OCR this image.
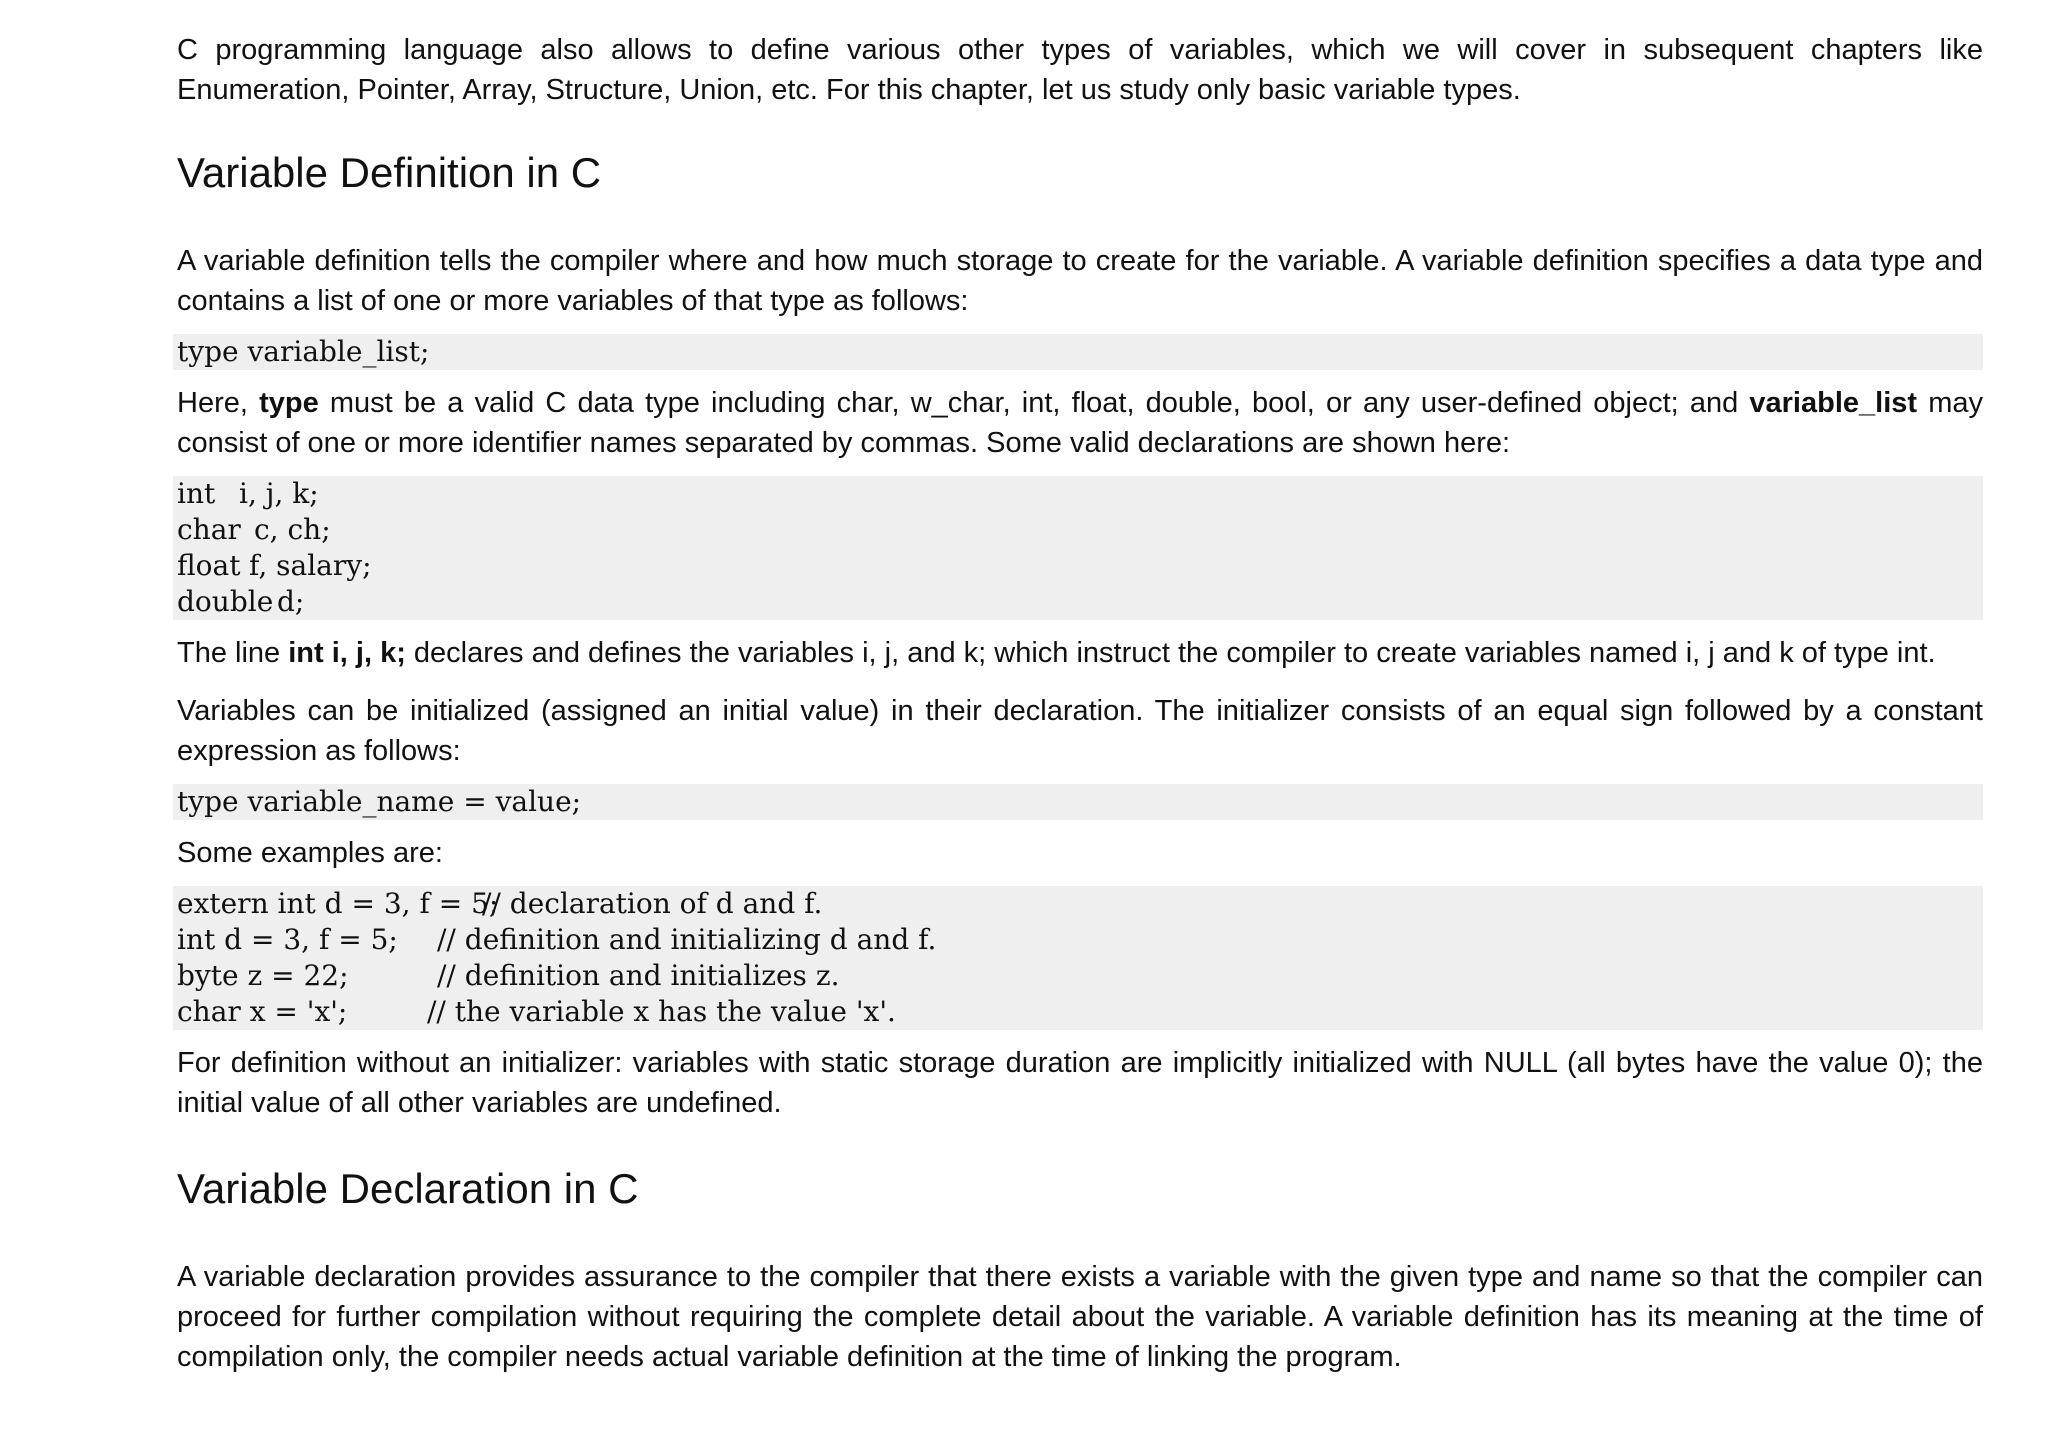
C programming language also allows to define various other types of variables, which we will cover in subsequent chapters like Enumeration, Pointer, Array, Structure, Union, etc. For this chapter, let us study only basic variable types.

Variable Definition in C

A variable definition tells the compiler where and how much storage to create for the variable. A variable definition specifies a data type and contains a list of one or more variables of that type as follows:

type variable_list;

Here, type must be a valid C data type including char, w_char, int, float, double, bool, or any user-defined object; and variable_list may consist of one or more identifier names separated by commas. Some valid declarations are shown here:

int i, j, k;
char c, ch;
float f, salary;
double d;

The line int i, j, k; declares and defines the variables i, j, and k; which instruct the compiler to create variables named i, j and k of type int.

Variables can be initialized (assigned an initial value) in their declaration. The initializer consists of an equal sign followed by a constant expression as follows:

type variable_name = value;

Some examples are:

extern int d = 3, f = 5;// declaration of d and f.
int d = 3, f = 5; // definition and initializing d and f.
byte z = 22;	// definition and initializes z.
char x = 'x';	// the variable x has the value 'x'.

For definition without an initializer: variables with static storage duration are implicitly initialized with NULL (all bytes have the value 0); the initial value of all other variables are undefined.

Variable Declaration in C

A variable declaration provides assurance to the compiler that there exists a variable with the given type and name so that the compiler can proceed for further compilation without requiring the complete detail about the variable. A variable definition has its meaning at the time of compilation only, the compiler needs actual variable definition at the time of linking the program.
